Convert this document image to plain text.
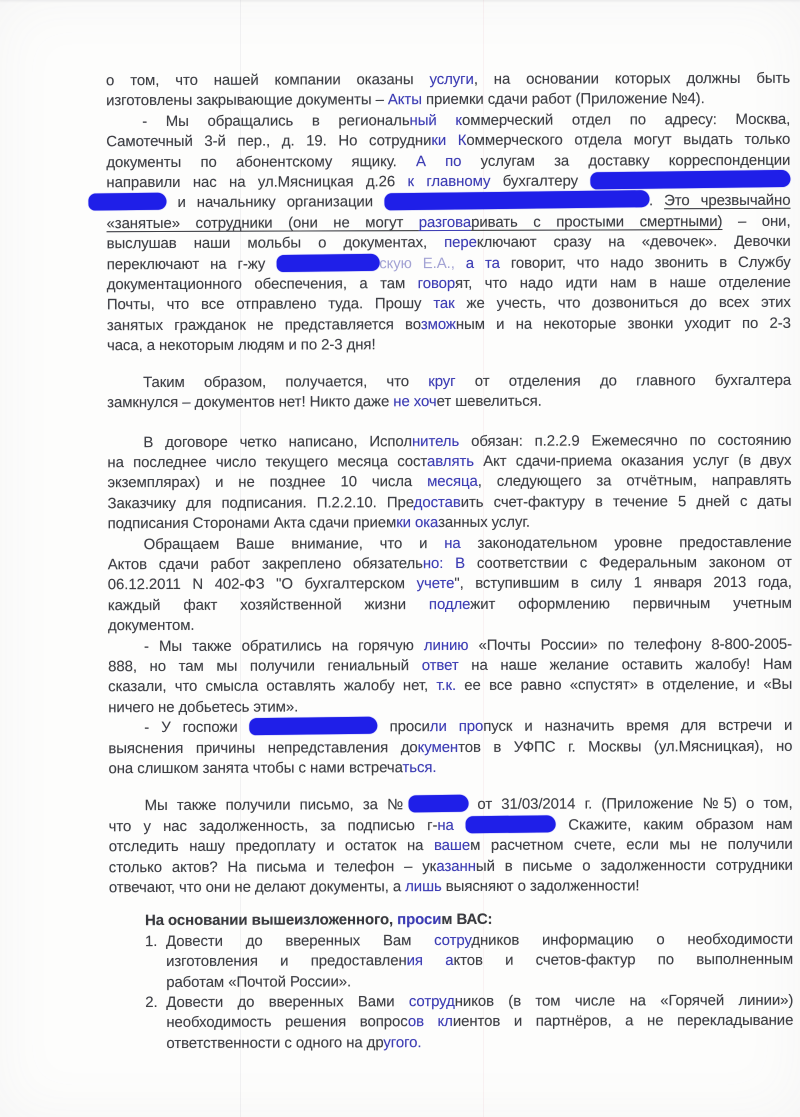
о том, что нашей компании оказаны услуги, на основании которых должны быть
изготовлены закрывающие документы – Акты приемки сдачи работ (Приложение №4).
- Мы обращались в региональный коммерческий отдел по адресу: Москва,
Самотечный 3-й пер., д. 19. Но сотрудники Коммерческого отдела могут выдать только
документы по абонентскому ящику. А по услугам за доставку корреспонденции
направили нас на ул.Мясницкая д.26 к главному бухгалтеру
и начальнику организации	. Это чрезвычайно
«занятые» сотрудники (они не могут разговаривать с простыми смертными) – они,
выслушав наши мольбы о документах, переключают сразу на «девочек». Девочки
переключают на г-жу	скую Е.А., а та говорит, что надо звонить в Службу
документационного обеспечения, а там говорят, что надо идти нам в наше отделение
Почты, что все отправлено туда. Прошу так же учесть, что дозвониться до всех этих
занятых гражданок не представляется возможным и на некоторые звонки уходит по 2-3
часа, а некоторым людям и по 2-3 дня!
Таким образом, получается, что круг от отделения до главного бухгалтера
замкнулся – документов нет! Никто даже не хочет шевелиться.
В договоре четко написано, Исполнитель обязан: п.2.2.9 Ежемесячно по состоянию
на последнее число текущего месяца составлять Акт сдачи-приема оказания услуг (в двух
экземплярах) и не позднее 10 числа месяца, следующего за отчётным, направлять
Заказчику для подписания. П.2.2.10. Предоставить счет-фактуру в течение 5 дней с даты
подписания Сторонами Акта сдачи приемки оказанных услуг.
Обращаем Ваше внимание, что и на законодательном уровне предоставление
Актов сдачи работ закреплено обязательно: В соответствии с Федеральным законом от
06.12.2011 N 402-ФЗ "О бухгалтерском учете", вступившим в силу 1 января 2013 года,
каждый факт хозяйственной жизни подлежит оформлению первичным учетным
документом.
- Мы также обратились на горячую линию «Почты России» по телефону 8-800-2005-
888, но там мы получили гениальный ответ на наше желание оставить жалобу! Нам
сказали, что смысла оставлять жалобу нет, т.к. ее все равно «спустят» в отделение, и «Вы
ничего не добьетесь этим».
- У госпожи	просили пропуск и назначить время для встречи и
выяснения причины непредставления документов в УФПС г. Москвы (ул.Мясницкая), но
она слишком занята чтобы с нами встречаться.
Мы также получили письмо, за №	от 31/03/2014 г. (Приложение №5) о том,
что у нас задолженность, за подписью г-на	Скажите, каким образом нам
отследить нашу предоплату и остаток на вашем расчетном счете, если мы не получили
столько актов? На письма и телефон – указанный в письме о задолженности сотрудники
отвечают, что они не делают документы, а лишь выясняют о задолженности!
На основании вышеизложенного, просим ВАС:
1. Довести до вверенных Вам сотрудников информацию о необходимости
изготовления и предоставления актов и счетов-фактур по выполненным
работам «Почтой России».
2. Довести до вверенных Вами сотрудников (в том числе на «Горячей линии»)
необходимость решения вопросов клиентов и партнёров, а не перекладывание
ответственности с одного на другого.
